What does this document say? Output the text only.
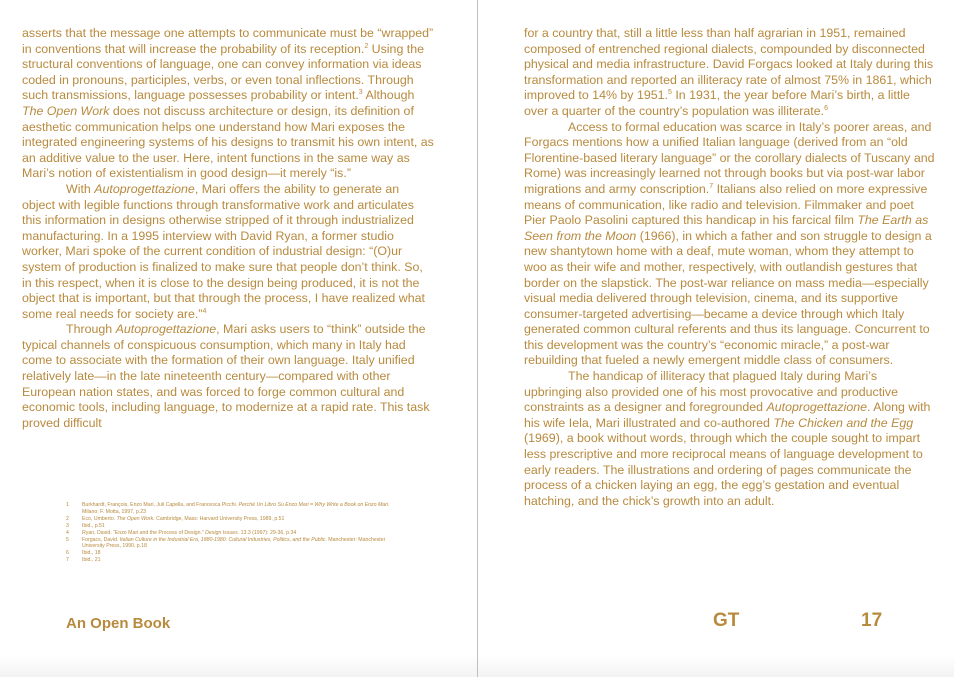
asserts that the message one attempts to communicate must be “wrapped” in conventions that will increase the probability of its reception.$^2$ Using the structural conventions of language, one can convey information via ideas coded in pronouns, participles, verbs, or even tonal inflections. Through such transmissions, language possesses probability or intent.$^3$ Although The Open Work does not discuss architecture or design, its definition of aesthetic communication helps one understand how Mari exposes the integrated engineering systems of his designs to transmit his own intent, as an additive value to the user. Here, intent functions in the same way as Mari’s notion of existentialism in good design—it merely “is.”

With Autoprogettazione, Mari offers the ability to generate an object with legible functions through transformative work and articulates this information in designs otherwise stripped of it through industrialized manufacturing. In a 1995 interview with David Ryan, a former studio worker, Mari spoke of the current condition of industrial design: “(O)ur system of production is finalized to make sure that people don’t think. So, in this respect, when it is close to the design being produced, it is not the object that is important, but that through the process, I have realized what some real needs for society are.”$^4$

Through Autoprogettazione, Mari asks users to “think” outside the typical channels of conspicuous consumption, which many in Italy had come to associate with the formation of their own language. Italy unified relatively late—in the late nineteenth century—compared with other European nation states, and was forced to forge common cultural and economic tools, including language, to modernize at a rapid rate. This task proved difficult

1	Burkhardt, François, Enzo Mari, Juli Capella, and Francesca Picchi. Perché Un Libro Su Enzo Mari = Why Write a Book on Enzo Mari. Milano: F. Motta, 1997, p.23
2	Eco, Umberto. The Open Work. Cambridge, Mass: Harvard University Press, 1989, p.51
3	Ibid., p.51
4	Ryan, David. “Enzo Mari and the Process of Design.” Design Issues. 13.3 (1997): 29-36, p.34
5	Forgacs, David. Italian Culture in the Industrial Era, 1880-1980: Cultural Industries, Politics, and the Public. Manchester: Manchester University Press, 1990, p.18
6	Ibid., 18
7	Ibid., 21
An Open Book

for a country that, still a little less than half agrarian in 1951, remained composed of entrenched regional dialects, compounded by disconnected physical and media infrastructure. David Forgacs looked at Italy during this transformation and reported an illiteracy rate of almost 75% in 1861, which improved to 14% by 1951.$^5$ In 1931, the year before Mari’s birth, a little over a quarter of the country’s population was illiterate.$^6$

Access to formal education was scarce in Italy’s poorer areas, and Forgacs mentions how a unified Italian language (derived from an “old Florentine-based literary language” or the corollary dialects of Tuscany and Rome) was increasingly learned not through books but via post-war labor migrations and army conscription.$^7$ Italians also relied on more expressive means of communication, like radio and television. Filmmaker and poet Pier Paolo Pasolini captured this handicap in his farcical film The Earth as Seen from the Moon (1966), in which a father and son struggle to design a new shantytown home with a deaf, mute woman, whom they attempt to woo as their wife and mother, respectively, with outlandish gestures that border on the slapstick. The post-war reliance on mass media—especially visual media delivered through television, cinema, and its supportive consumer-targeted advertising—became a device through which Italy generated common cultural referents and thus its language. Concurrent to this development was the country’s “economic miracle,” a post-war rebuilding that fueled a newly emergent middle class of consumers.

The handicap of illiteracy that plagued Italy during Mari’s upbringing also provided one of his most provocative and productive constraints as a designer and foregrounded Autoprogettazione. Along with his wife Iela, Mari illustrated and co-authored The Chicken and the Egg (1969), a book without words, through which the couple sought to impart less prescriptive and more reciprocal means of language development to early readers. The illustrations and ordering of pages communicate the process of a chicken laying an egg, the egg’s gestation and eventual hatching, and the chick’s growth into an adult.

GT	17
